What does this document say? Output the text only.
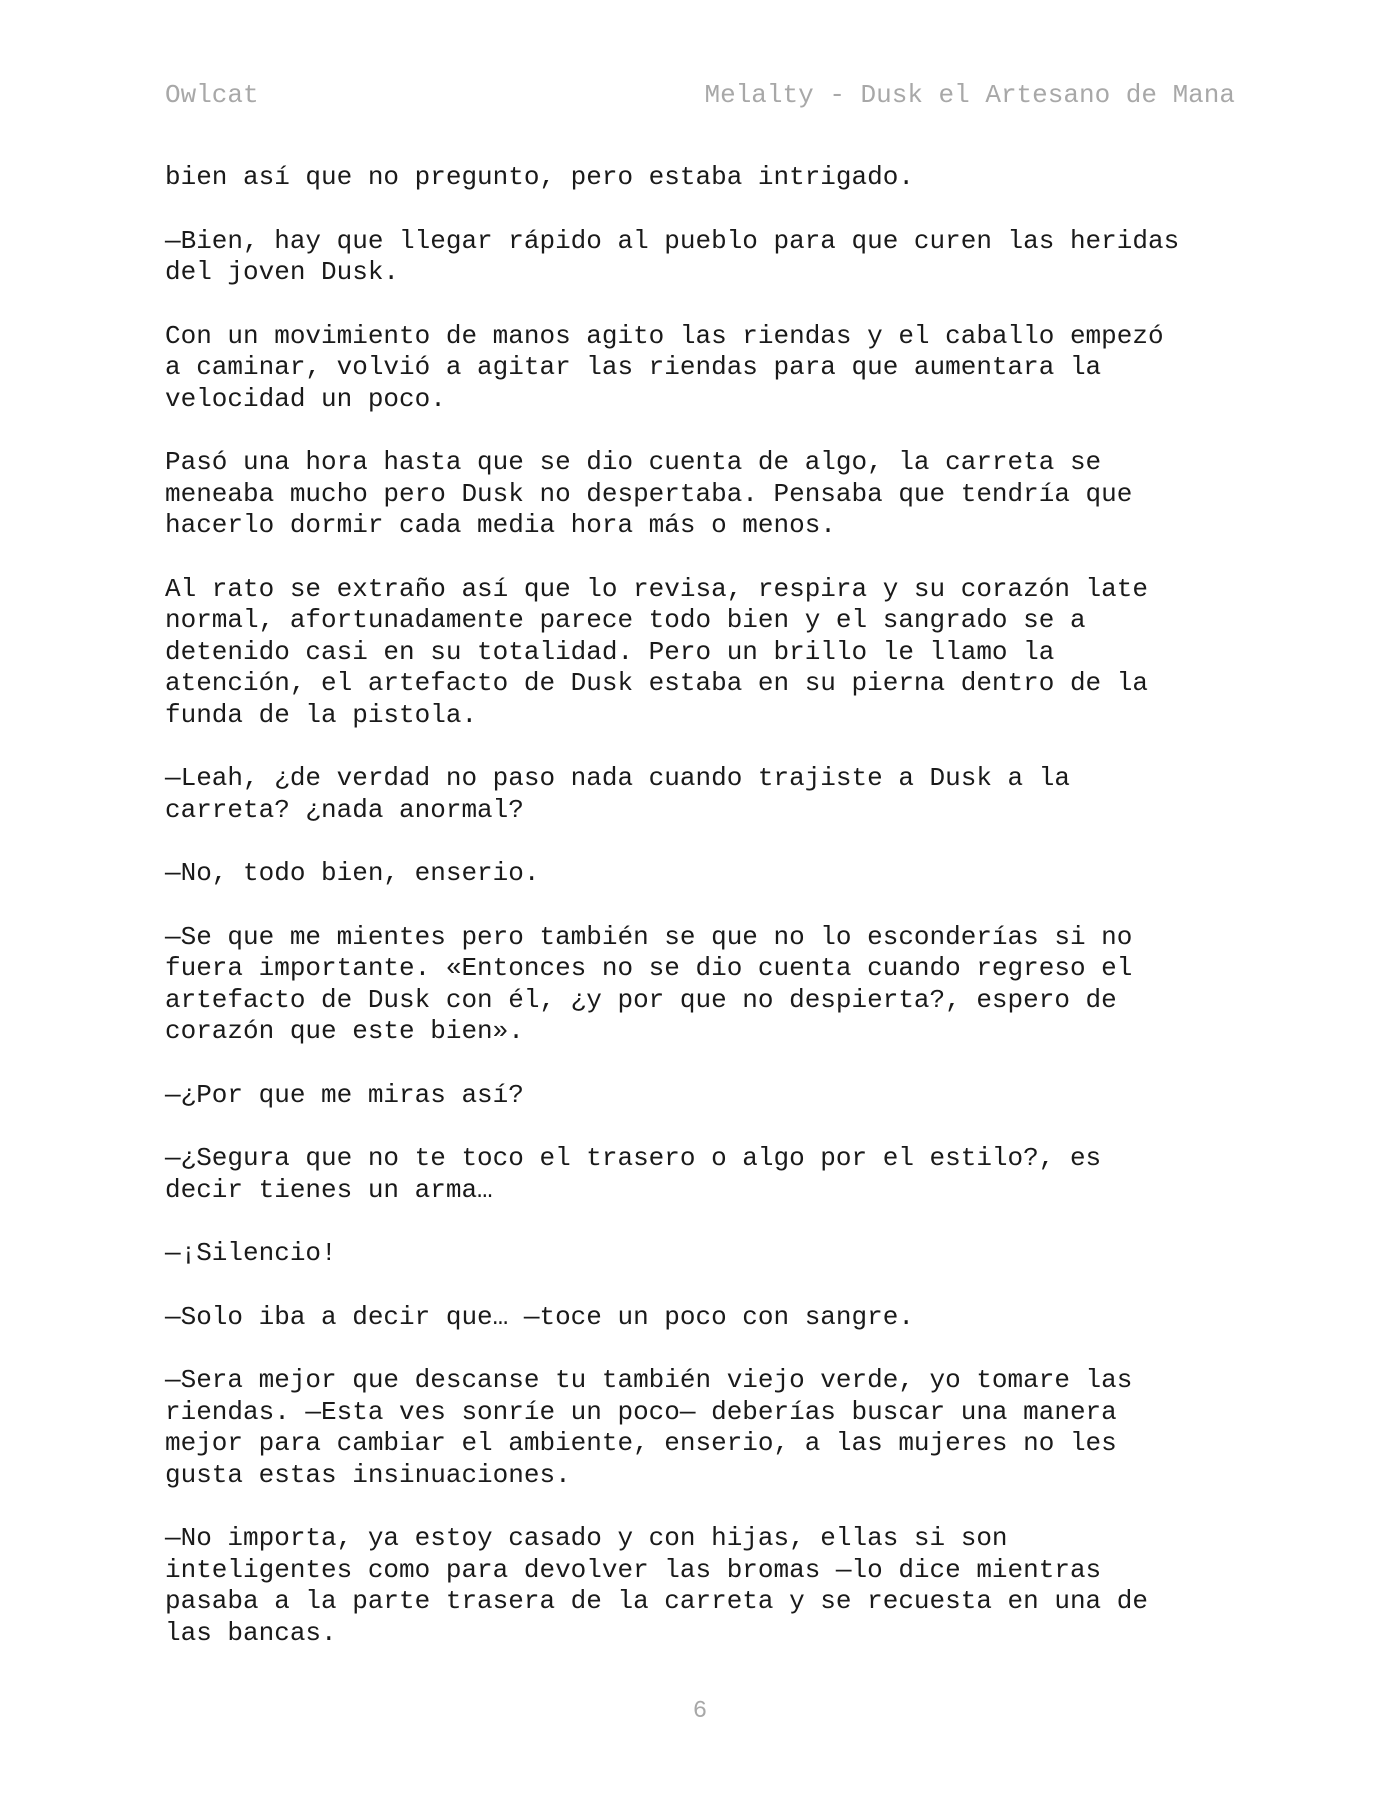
Owlcat	Melalty - Dusk el Artesano de Mana

bien así que no pregunto, pero estaba intrigado.

—Bien, hay que llegar rápido al pueblo para que curen las heridas
del joven Dusk.

Con un movimiento de manos agito las riendas y el caballo empezó
a caminar, volvió a agitar las riendas para que aumentara la
velocidad un poco.

Pasó una hora hasta que se dio cuenta de algo, la carreta se
meneaba mucho pero Dusk no despertaba. Pensaba que tendría que
hacerlo dormir cada media hora más o menos.

Al rato se extraño así que lo revisa, respira y su corazón late
normal, afortunadamente parece todo bien y el sangrado se a
detenido casi en su totalidad. Pero un brillo le llamo la
atención, el artefacto de Dusk estaba en su pierna dentro de la
funda de la pistola.

—Leah, ¿de verdad no paso nada cuando trajiste a Dusk a la
carreta? ¿nada anormal?

—No, todo bien, enserio.

—Se que me mientes pero también se que no lo esconderías si no
fuera importante. «Entonces no se dio cuenta cuando regreso el
artefacto de Dusk con él, ¿y por que no despierta?, espero de
corazón que este bien».

—¿Por que me miras así?

—¿Segura que no te toco el trasero o algo por el estilo?, es
decir tienes un arma…

—¡Silencio!

—Solo iba a decir que… —toce un poco con sangre.

—Sera mejor que descanse tu también viejo verde, yo tomare las
riendas. —Esta ves sonríe un poco— deberías buscar una manera
mejor para cambiar el ambiente, enserio, a las mujeres no les
gusta estas insinuaciones.

—No importa, ya estoy casado y con hijas, ellas si son
inteligentes como para devolver las bromas —lo dice mientras
pasaba a la parte trasera de la carreta y se recuesta en una de
las bancas.

6
